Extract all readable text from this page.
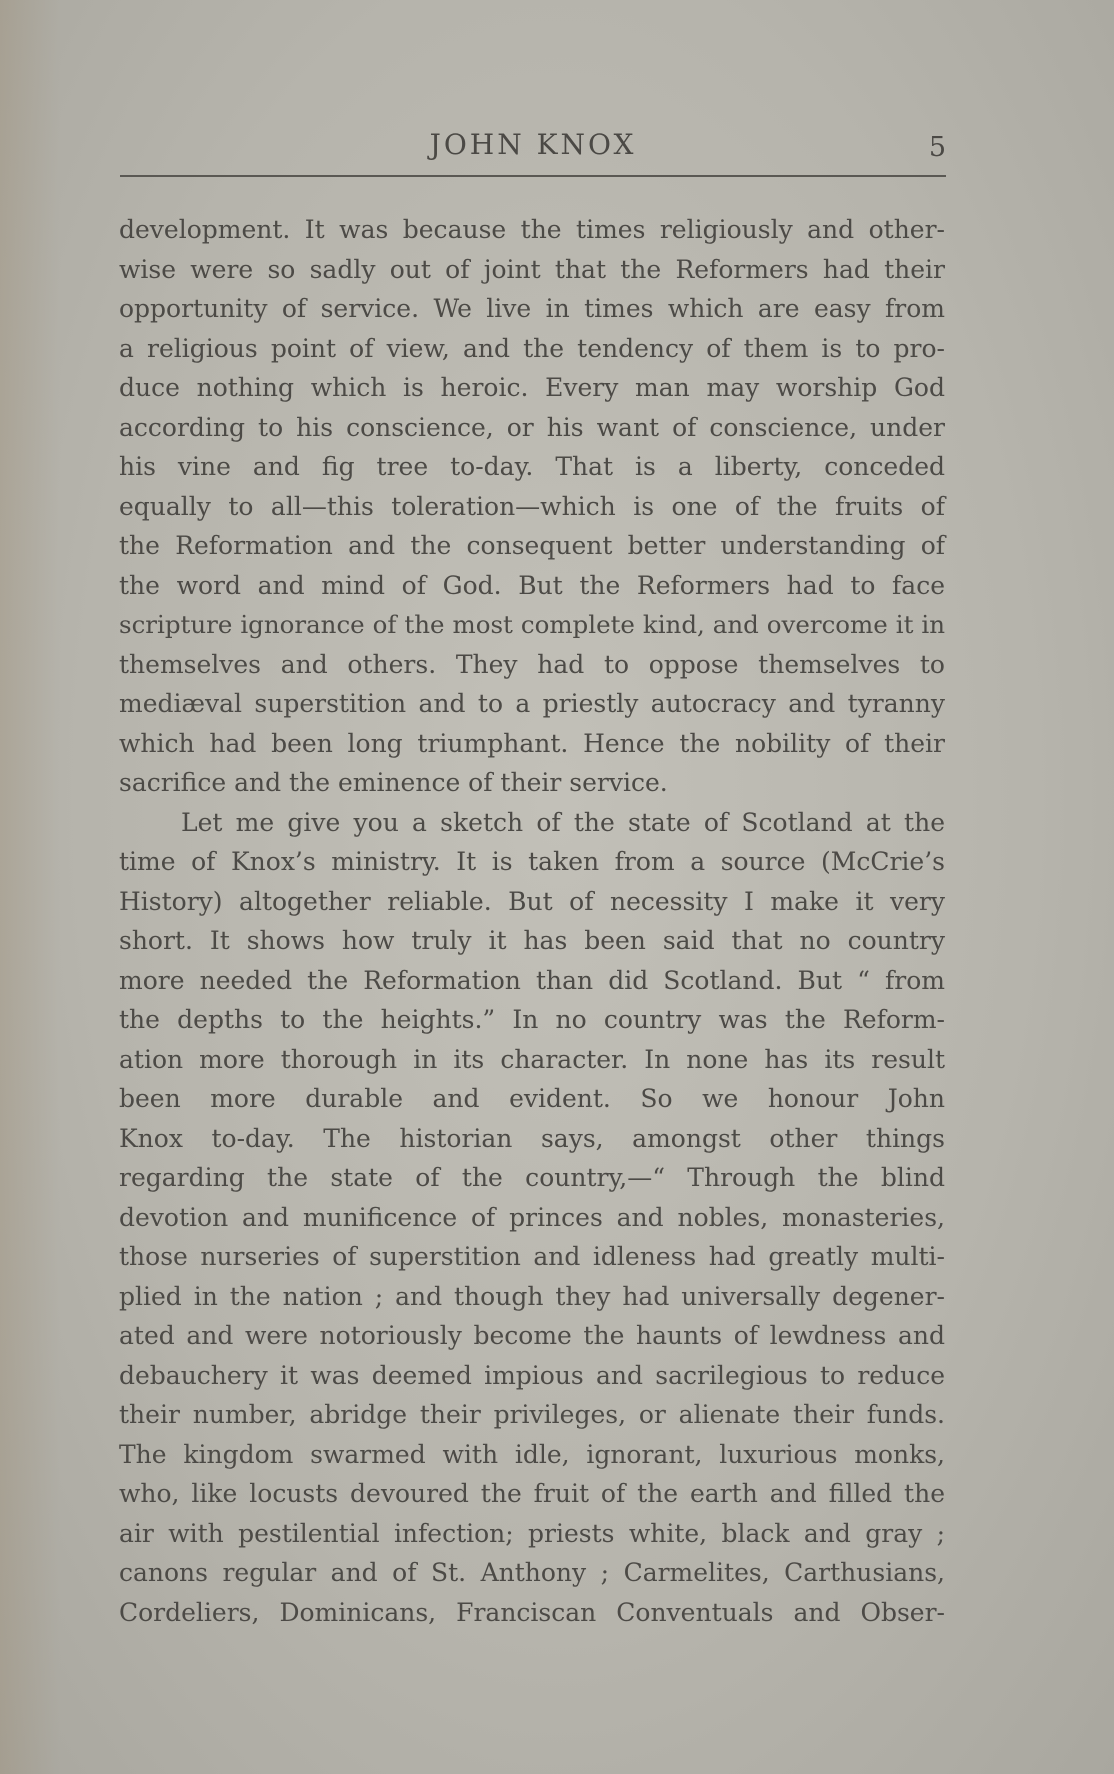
JOHN KNOX	5
development. It was because the times religiously and other-
wise were so sadly out of joint that the Reformers had their
opportunity of service. We live in times which are easy from
a religious point of view, and the tendency of them is to pro-
duce nothing which is heroic. Every man may worship God
according to his conscience, or his want of conscience, under
his vine and fig tree to-day. That is a liberty, conceded
equally to all—this toleration—which is one of the fruits of
the Reformation and the consequent better understanding of
the word and mind of God. But the Reformers had to face
scripture ignorance of the most complete kind, and overcome it in
themselves and others. They had to oppose themselves to
mediæval superstition and to a priestly autocracy and tyranny
which had been long triumphant. Hence the nobility of their
sacrifice and the eminence of their service.
Let me give you a sketch of the state of Scotland at the
time of Knox’s ministry. It is taken from a source (McCrie’s
History) altogether reliable. But of necessity I make it very
short. It shows how truly it has been said that no country
more needed the Reformation than did Scotland. But “ from
the depths to the heights.” In no country was the Reform-
ation more thorough in its character. In none has its result
been more durable and evident. So we honour John
Knox to-day. The historian says, amongst other things
regarding the state of the country,—“ Through the blind
devotion and munificence of princes and nobles, monasteries,
those nurseries of superstition and idleness had greatly multi-
plied in the nation ; and though they had universally degener-
ated and were notoriously become the haunts of lewdness and
debauchery it was deemed impious and sacrilegious to reduce
their number, abridge their privileges, or alienate their funds.
The kingdom swarmed with idle, ignorant, luxurious monks,
who, like locusts devoured the fruit of the earth and filled the
air with pestilential infection; priests white, black and gray ;
canons regular and of St. Anthony ; Carmelites, Carthusians,
Cordeliers, Dominicans, Franciscan Conventuals and Obser-
